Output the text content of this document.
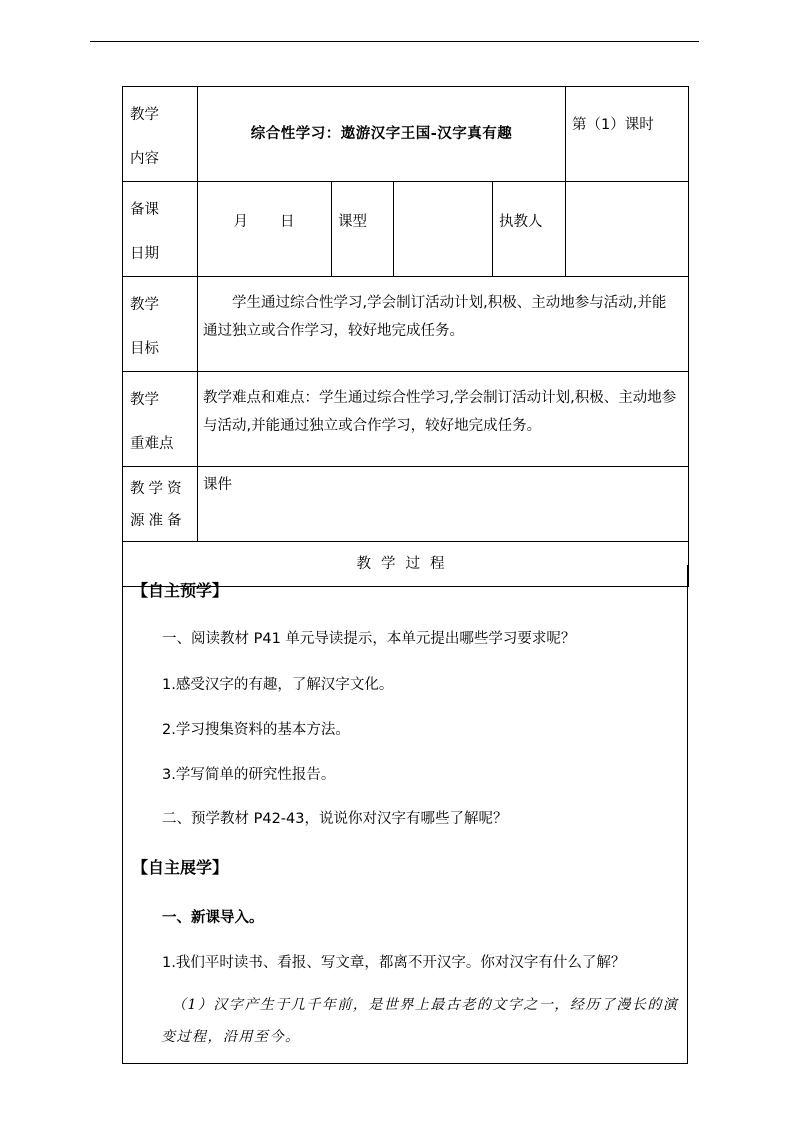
教学
内容	综合性学习：遨游汉字王国-汉字真有趣				第（1）课时

备课
日期	月　　日	课型		执教人	

教学
目标	学生通过综合性学习,学会制订活动计划,积极、主动地参与活动,并能通过独立或合作学习，较好地完成任务。				

教学
重难点	教学难点和难点：学生通过综合性学习,学会制订活动计划,积极、主动地参与活动,并能通过独立或合作学习，较好地完成任务。				

教学资
源准备	课件				
教学过程					
【自主预学】
一、阅读教材 P41 单元导读提示，本单元提出哪些学习要求呢？
1.感受汉字的有趣，了解汉字文化。
2.学习搜集资料的基本方法。
3.学写简单的研究性报告。
二、预学教材 P42-43，说说你对汉字有哪些了解呢？
【自主展学】
一、新课导入。
1.我们平时读书、看报、写文章，都离不开汉字。你对汉字有什么了解？
（1）汉字产生于几千年前，是世界上最古老的文字之一，经历了漫长的演
变过程，沿用至今。
